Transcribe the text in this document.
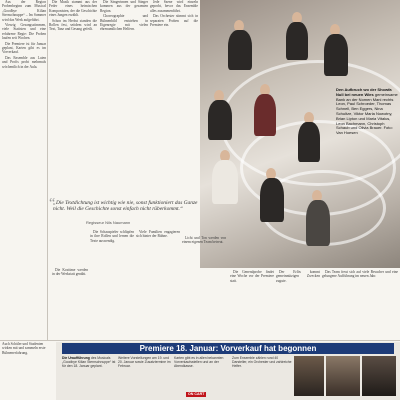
Aus der Region Probenbeginn zum Musical „Goodbye Kilian Sternschnuppe“ – Im Sommer wird das Werk aufgeführt.

Vierzig Gesangsstimmen, viele Statisten und eine erfahrene Regie: Die Proben laufen seit Wochen.

Die Premiere ist für Januar geplant, Karten gibt es im Vorverkauf.

Das Ensemble aus Laien und Profis probt mehrmals wöchentlich in der Aula.

Die Musik stammt aus der Feder eines heimischen Komponisten, der die Geschichte eines Jungen erzählt.

Schon im Herbst standen die Rollen fest, seitdem wird an Text, Tanz und Gesang gefeilt.

Die Sängerinnen und Sänger kommen aus der gesamten Region.

Choreographie und Bühnenbild entstehen in Eigenregie mit vielen ehrenamtlichen Helfern.

Jede Szene wird einzeln geprobt, bevor das Ensemble alles zusammenführt.

Das Orchester stimmt sich in separaten Proben auf die Premiere ein.

“
„Die Textdichtung ist wichtig wie nie, sonst funktioniert das Ganze nicht. Weil die Geschichte sonst einfach nicht rüberkommt.“
Regisseur Nils Naumann
Den Aufbruch wo der Showfa Null bei neuen Wies gemeinsame Bank an der Nomen Mani rechts Leon, Paul Schroeder, Thomas Schnell, Ben Eggers, Nina Schultze, Viktor Maria Nowotny, Brian Lipton und Maria Vitalus, Leon Bachmann, Christoph Schaub und Olivia Brauer. Foto: Van Hoesen

Die Kostüme werden in der Werkstatt genäht.

Die Schauspieler schlüpfen in ihre Rollen und lernen die Texte auswendig.

Viele Familien engagieren sich hinter der Bühne.	Licht und Ton werden von einem eigenen Team betreut.

Die Generalprobe findet eine Woche vor der Premiere statt.

Der Erlös kommt gemeinnützigen Zwecken zugute.

Das Team freut sich auf viele Besucher und eine gelungene Aufführung im neuen Jahr.

Auch Schüler und Studenten wirken mit und sammeln erste Bühnenerfahrung.	Premiere 18. Januar: Vorverkauf hat begonnen
Die Uraufführung des Musicals „Goodbye Kilian Sternschnuppe“ ist für den 18. Januar geplant.
Weitere Vorstellungen am 19. und 20. Januar sowie Zusatztermine im Februar.
Karten gibt es in allen bekannten Vorverkaufsstellen und an der Abendkasse.
Zum Ensemble zählen rund 40 Darsteller, ein Orchester und zahlreiche Helfer.
ON CART
